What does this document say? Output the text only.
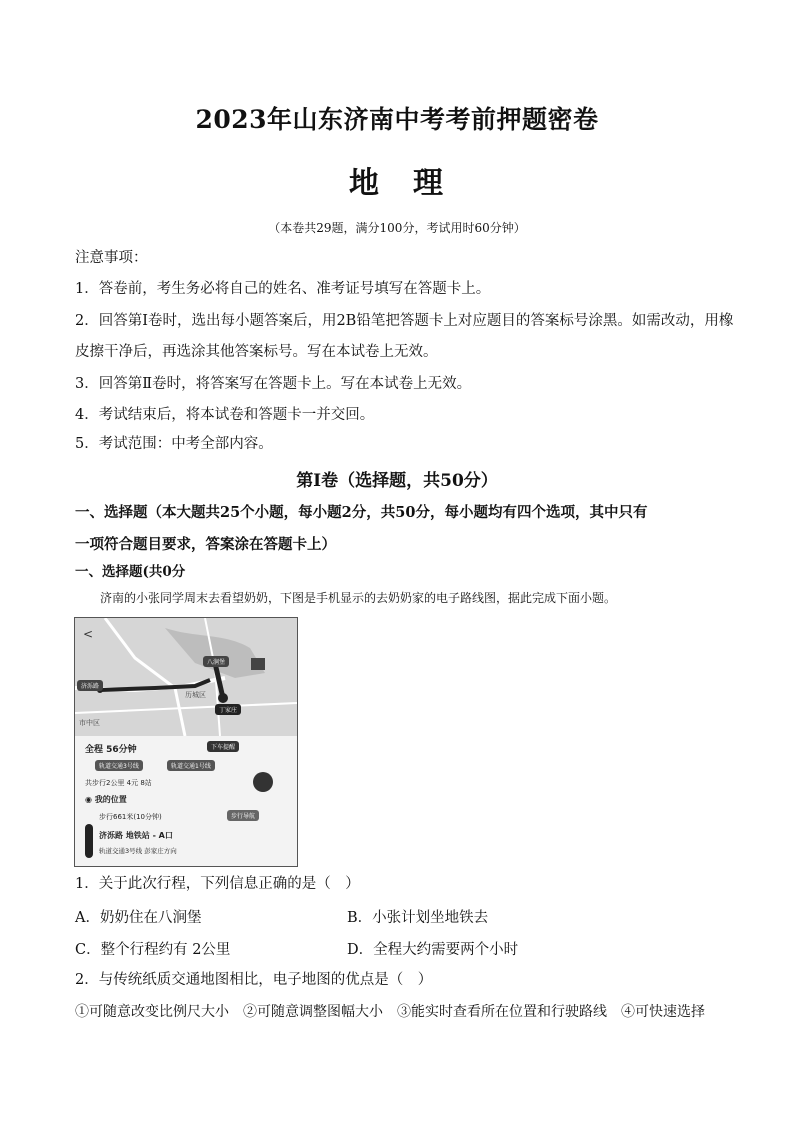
2023年山东济南中考考前押题密卷
地　理
（本卷共29题，满分100分，考试用时60分钟）
注意事项：
1．答卷前，考生务必将自己的姓名、准考证号填写在答题卡上。
2．回答第Ⅰ卷时，选出每小题答案后，用2B铅笔把答题卡上对应题目的答案标号涂黑。如需改动，用橡
皮擦干净后，再选涂其他答案标号。写在本试卷上无效。
3．回答第Ⅱ卷时，将答案写在答题卡上。写在本试卷上无效。
4．考试结束后，将本试卷和答题卡一并交回。
5．考试范围：中考全部内容。
第Ⅰ卷（选择题，共50分）
一、选择题（本大题共25个小题，每小题2分，共50分，每小题均有四个选项，其中只有
一项符合题目要求，答案涂在答题卡上）
一、选择题(共0分
济南的小张同学周末去看望奶奶，下图是手机显示的去奶奶家的电子路线图，据此完成下面小题。
<
济泺路
八涧堡
丁家庄
市中区
历城区
全程 56分钟	下车提醒
轨道交通3号线	轨道交通1号线
共步行2公里 4元 8站
◉ 我的位置
步行661米(10分钟)	步行导航
济泺路 地铁站 - A口
轨道交通3号线 彭家庄方向
1．关于此次行程，下列信息正确的是（　）
A．奶奶住在八涧堡	B．小张计划坐地铁去
C．整个行程约有 2公里	D．全程大约需要两个小时
2．与传统纸质交通地图相比，电子地图的优点是（　）
①可随意改变比例尺大小　②可随意调整图幅大小　③能实时查看所在位置和行驶路线　④可快速选择
